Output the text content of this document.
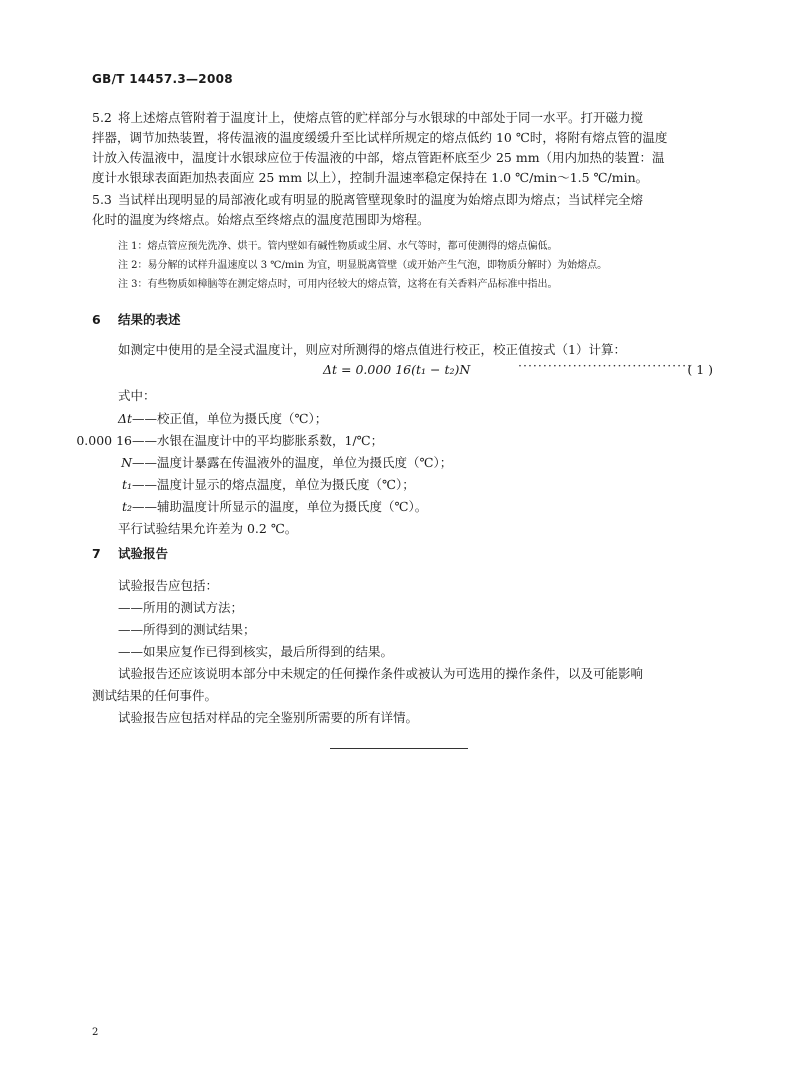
GB/T 14457.3—2008
5.2 将上述熔点管附着于温度计上，使熔点管的贮样部分与水银球的中部处于同一水平。打开磁力搅
拌器，调节加热装置，将传温液的温度缓缓升至比试样所规定的熔点低约 10 ℃时，将附有熔点管的温度
计放入传温液中，温度计水银球应位于传温液的中部，熔点管距杯底至少 25 mm（用内加热的装置：温
度计水银球表面距加热表面应 25 mm 以上），控制升温速率稳定保持在 1.0 ℃/min～1.5 ℃/min。
5.3 当试样出现明显的局部液化或有明显的脱离管壁现象时的温度为始熔点即为熔点；当试样完全熔
化时的温度为终熔点。始熔点至终熔点的温度范围即为熔程。
注 1：熔点管应预先洗净、烘干。管内壁如有碱性物质或尘屑、水气等时，都可使测得的熔点偏低。
注 2：易分解的试样升温速度以 3 ℃/min 为宜，明显脱离管壁（或开始产生气泡，即物质分解时）为始熔点。
注 3：有些物质如樟脑等在测定熔点时，可用内径较大的熔点管，这将在有关香料产品标准中指出。
6 结果的表述
如测定中使用的是全浸式温度计，则应对所测得的熔点值进行校正，校正值按式（1）计算：
Δt = 0.000 16(t₁ − t₂)N	···································
( 1 )
式中：
Δt——校正值，单位为摄氏度（℃）；
0.000 16——水银在温度计中的平均膨胀系数，1/℃；
N——温度计暴露在传温液外的温度，单位为摄氏度（℃）；
t₁——温度计显示的熔点温度，单位为摄氏度（℃）；
t₂——辅助温度计所显示的温度，单位为摄氏度（℃）。
平行试验结果允许差为 0.2 ℃。
7 试验报告
试验报告应包括：
——所用的测试方法；
——所得到的测试结果；
——如果应复作已得到核实，最后所得到的结果。
试验报告还应该说明本部分中未规定的任何操作条件或被认为可选用的操作条件，以及可能影响
测试结果的任何事件。
试验报告应包括对样品的完全鉴别所需要的所有详情。
2
